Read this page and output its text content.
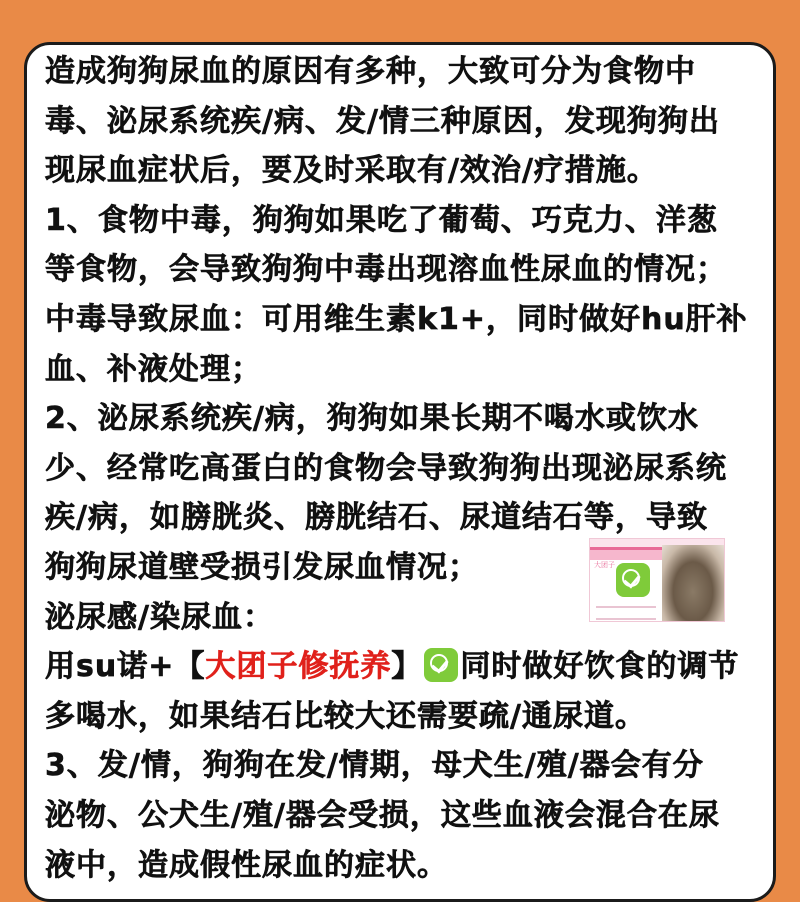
造成狗狗尿血的原因有多种，大致可分为食物中
毒、泌尿系统疾/病、发/情三种原因，发现狗狗出
现尿血症状后，要及时采取有/效治/疗措施。
1、食物中毒，狗狗如果吃了葡萄、巧克力、洋葱
等食物，会导致狗狗中毒出现溶血性尿血的情况；
中毒导致尿血：可用维生素k1+，同时做好hu肝补
血、补液处理；
2、泌尿系统疾/病，狗狗如果长期不喝水或饮水
少、经常吃高蛋白的食物会导致狗狗出现泌尿系统
疾/病，如膀胱炎、膀胱结石、尿道结石等，导致
狗狗尿道壁受损引发尿血情况；
泌尿感/染尿血：
用su诺+【大团子修抚养】 同时做好饮食的调节
多喝水，如果结石比较大还需要疏/通尿道。
3、发/情，狗狗在发/情期，母犬生/殖/器会有分
泌物、公犬生/殖/器会受损，这些血液会混合在尿
液中，造成假性尿血的症状。
大团子
